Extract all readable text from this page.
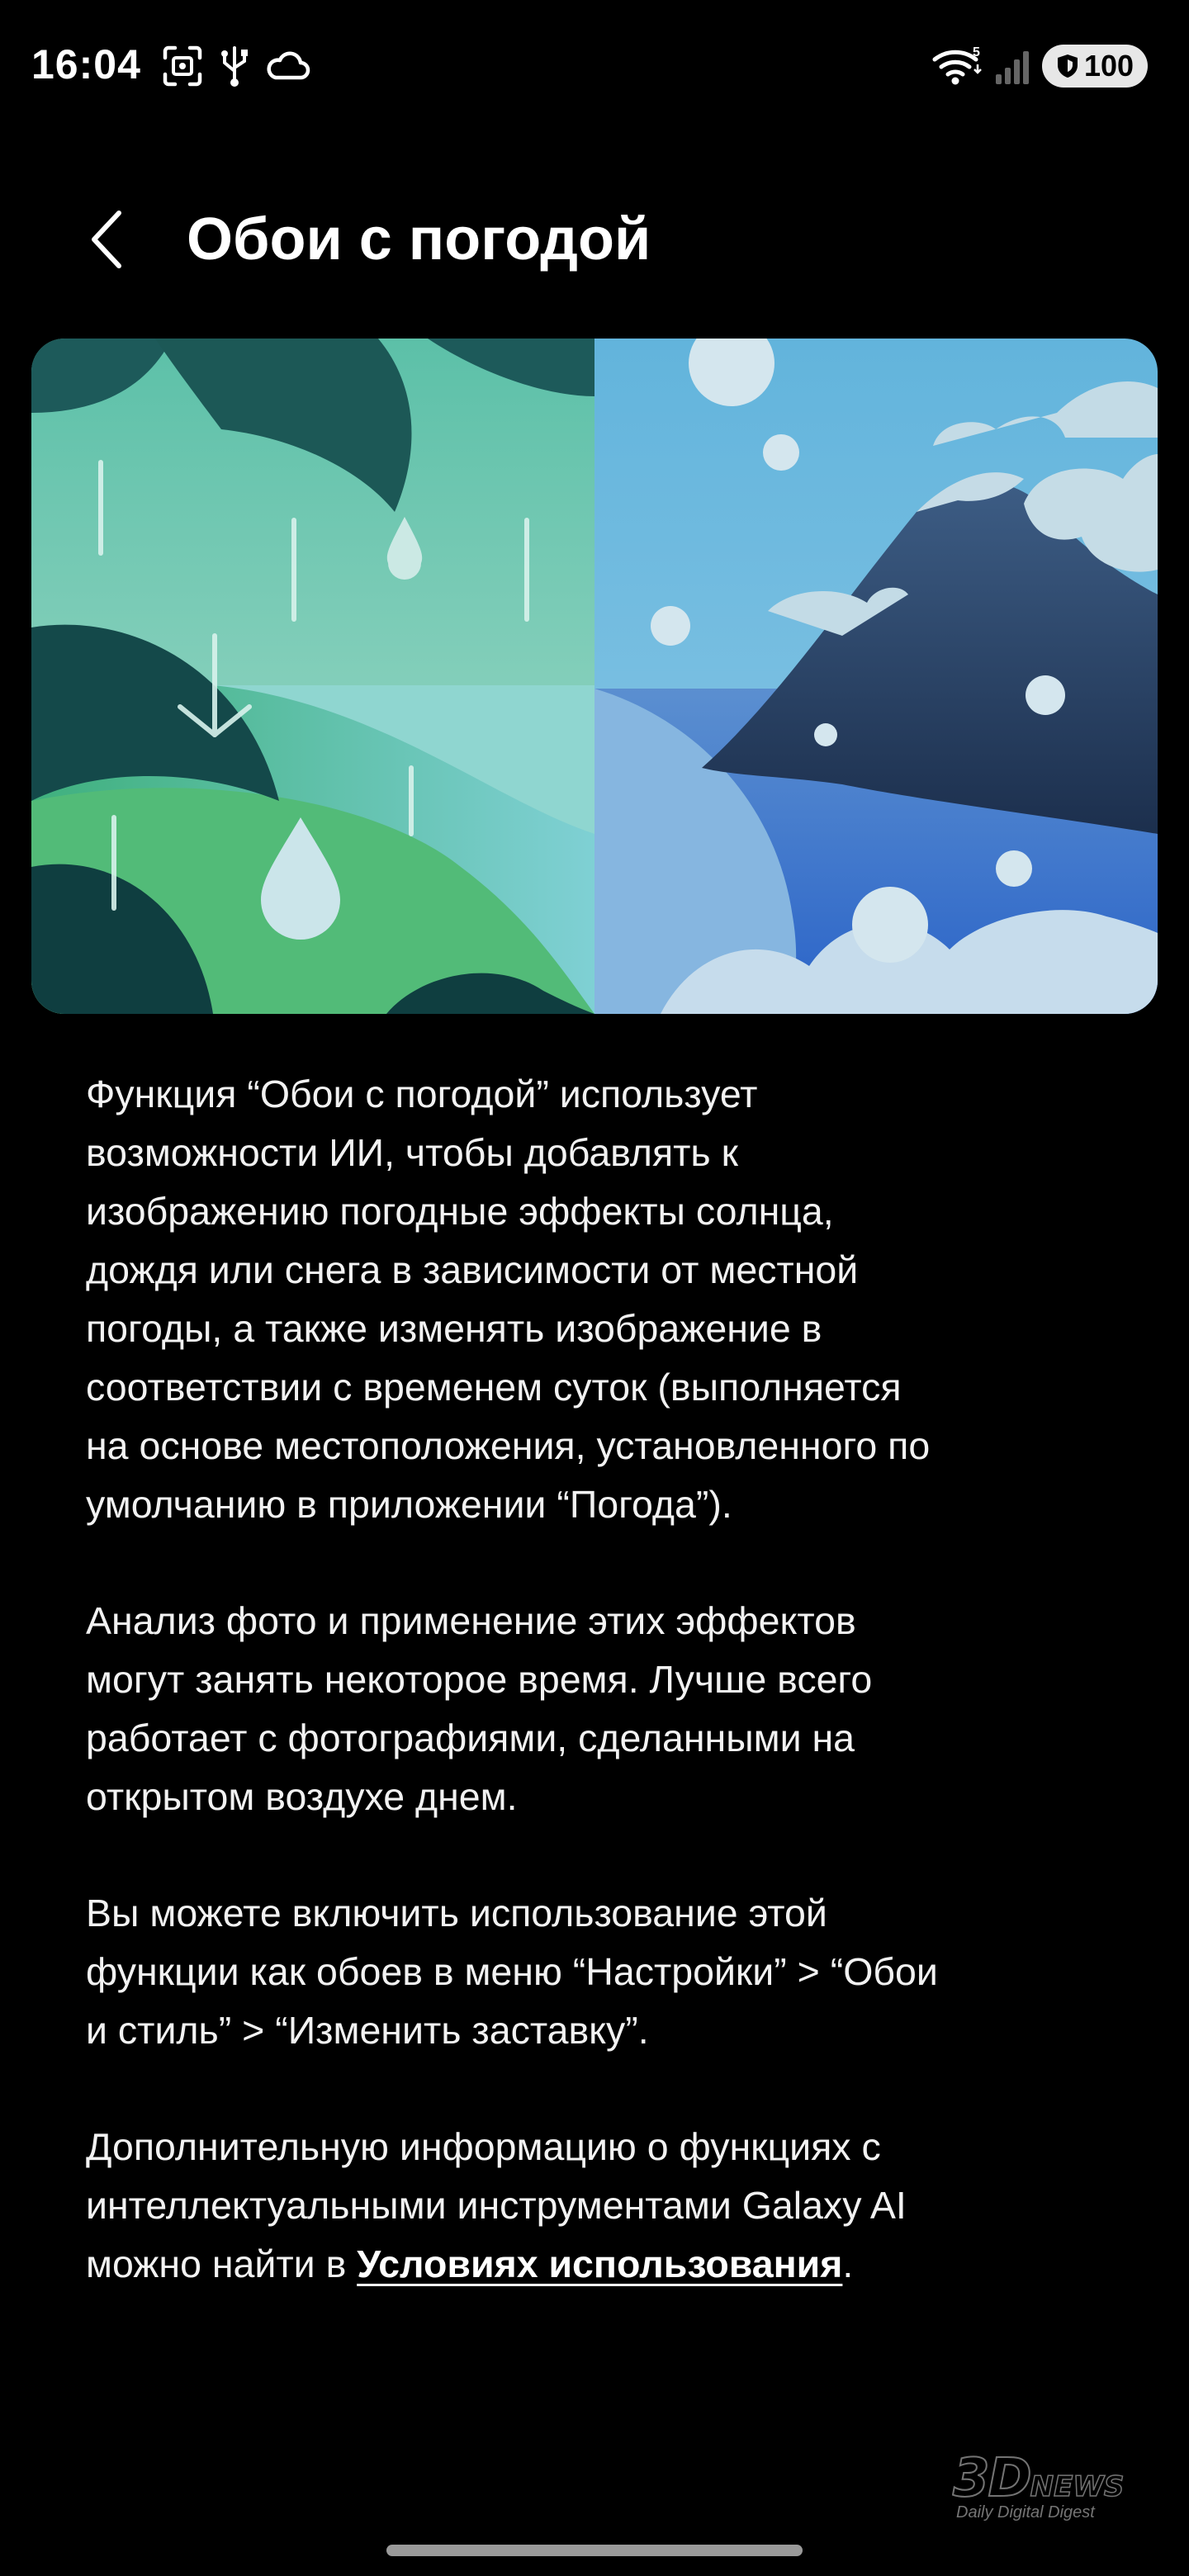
16:04	5	100
Обои с погодой

Функция “Обои с погодой” использует
возможности ИИ, чтобы добавлять к
изображению погодные эффекты солнца,
дождя или снега в зависимости от местной
погоды, а также изменять изображение в
соответствии с временем суток (выполняется
на основе местоположения, установленного по
умолчанию в приложении “Погода”).

Анализ фото и применение этих эффектов
могут занять некоторое время. Лучше всего
работает с фотографиями, сделанными на
открытом воздухе днем.

Вы можете включить использование этой
функции как обоев в меню “Настройки” > “Обои
и стиль” > “Изменить заставку”.

Дополнительную информацию о функциях с
интеллектуальными инструментами Galaxy AI
можно найти в Условиях использования.

3DNEWS
Daily Digital Digest
